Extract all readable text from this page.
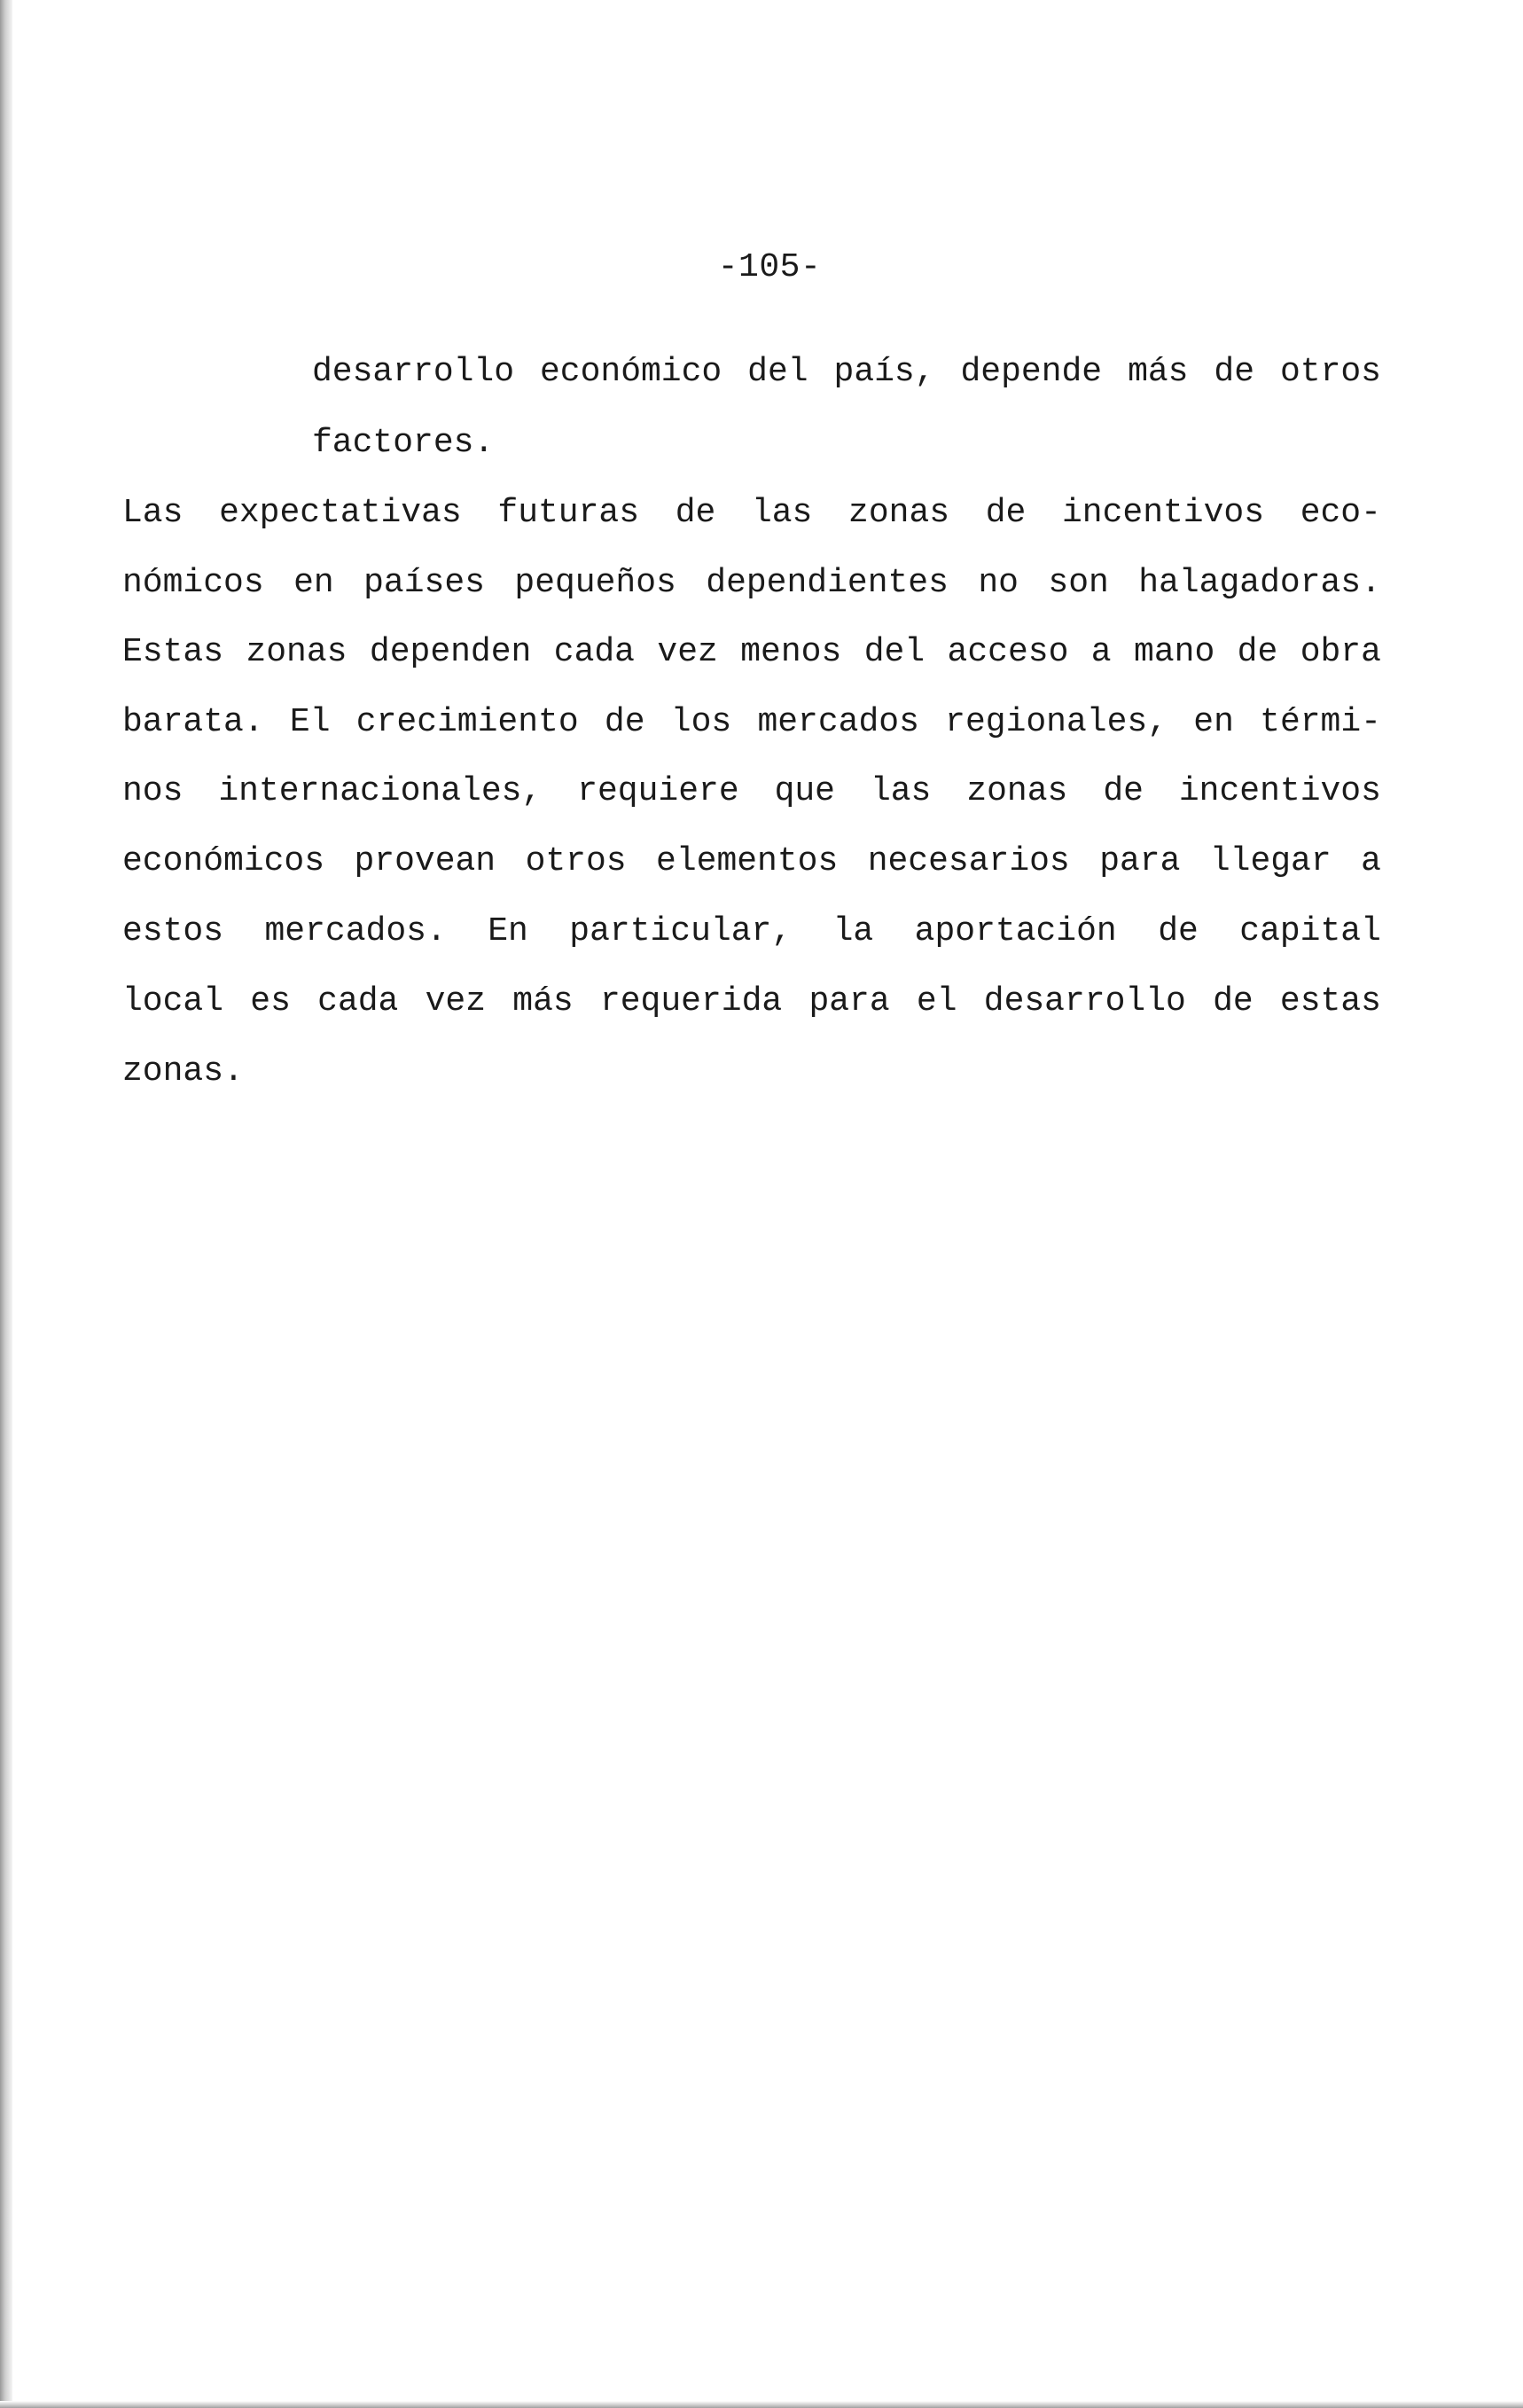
-105-
desarrollo económico del país, depende más de otros
factores.
Las expectativas futuras de las zonas de incentivos eco-
nómicos en países pequeños dependientes no son halagadoras.
Estas zonas dependen cada vez menos del acceso a mano de obra
barata. El crecimiento de los mercados regionales, en térmi-
nos internacionales, requiere que las zonas de incentivos
económicos provean otros elementos necesarios para llegar a
estos mercados. En particular, la aportación de capital
local es cada vez más requerida para el desarrollo de estas
zonas.
